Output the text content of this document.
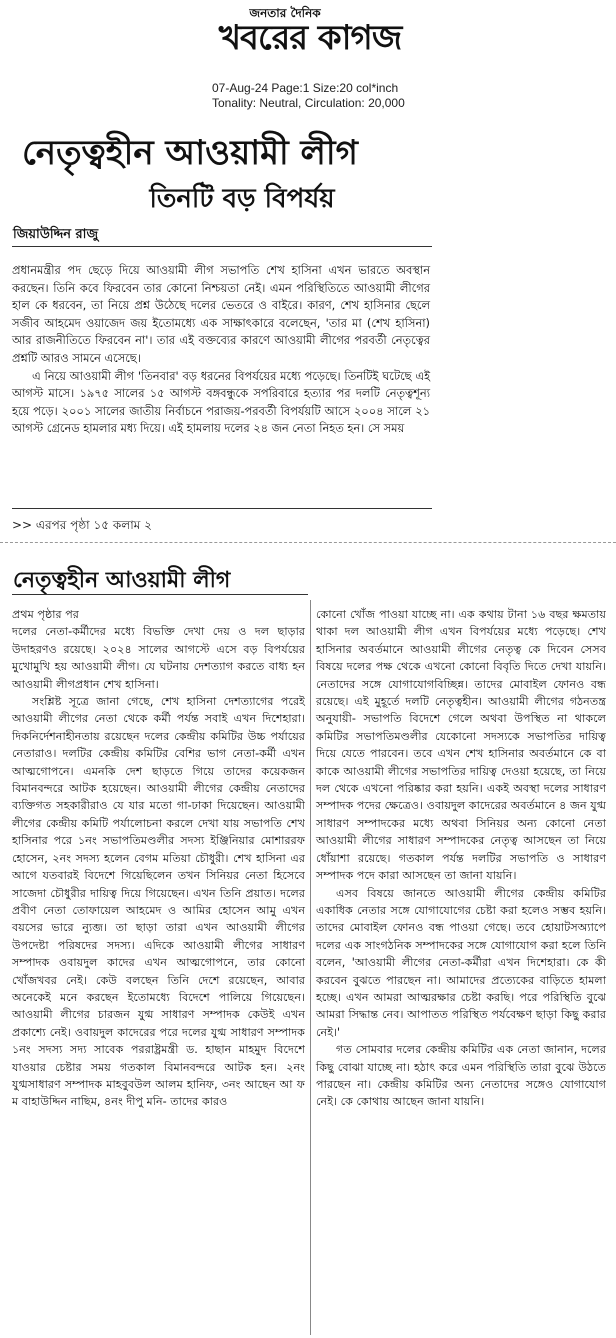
জনতার দৈনিক
খবরের কাগজ
07-Aug-24 Page:1 Size:20 col*inch
Tonality: Neutral, Circulation: 20,000
নেতৃত্বহীন আওয়ামী লীগ
তিনটি বড় বিপর্যয়
জিয়াউদ্দিন রাজু

প্রধানমন্ত্রীর পদ ছেড়ে দিয়ে আওয়ামী লীগ সভাপতি শেখ হাসিনা এখন ভারতে অবস্থান করছেন। তিনি কবে ফিরবেন তার কোনো নিশ্চয়তা নেই। এমন পরিস্থিতিতে আওয়ামী লীগের হাল কে ধরবেন, তা নিয়ে প্রশ্ন উঠেছে দলের ভেতরে ও বাইরে। কারণ, শেখ হাসিনার ছেলে সজীব আহমেদ ওয়াজেদ জয় ইতোমধ্যে এক সাক্ষাৎকারে বলেছেন, 'তার মা (শেখ হাসিনা) আর রাজনীতিতে ফিরবেন না'। তার এই বক্তব্যের কারণে আওয়ামী লীগের পরবর্তী নেতৃত্বের প্রশ্নটি আরও সামনে এসেছে।

এ নিয়ে আওয়ামী লীগ 'তিনবার' বড় ধরনের বিপর্যয়ের মধ্যে পড়েছে। তিনটিই ঘটেছে এই আগস্ট মাসে। ১৯৭৫ সালের ১৫ আগস্ট বঙ্গবন্ধুকে সপরিবারে হত্যার পর দলটি নেতৃত্বশূন্য হয়ে পড়ে। ২০০১ সালের জাতীয় নির্বাচনে পরাজয়-পরবর্তী বিপর্যয়টি আসে ২০০৪ সালে ২১ আগস্ট গ্রেনেড হামলার মধ্য দিয়ে। এই হামলায় দলের ২৪ জন নেতা নিহত হন। সে সময়

>> এরপর পৃষ্ঠা ১৫ কলাম ২
নেতৃত্বহীন আওয়ামী লীগ

প্রথম পৃষ্ঠার পর

দলের নেতা-কর্মীদের মধ্যে বিভক্তি দেখা দেয় ও দল ছাড়ার উদাহরণও রয়েছে। ২০২৪ সালের আগস্টে এসে বড় বিপর্যয়ের মুখোমুখি হয় আওয়ামী লীগ। যে ঘটনায় দেশত্যাগ করতে বাধ্য হন আওয়ামী লীগপ্রধান শেখ হাসিনা।

সংশ্লিষ্ট সূত্রে জানা গেছে, শেখ হাসিনা দেশত্যাগের পরেই আওয়ামী লীগের নেতা থেকে কর্মী পর্যন্ত সবাই এখন দিশেহারা। দিকনির্দেশনাহীনতায় রয়েছেন দলের কেন্দ্রীয় কমিটির উচ্চ পর্যায়ের নেতারাও। দলটির কেন্দ্রীয় কমিটির বেশির ভাগ নেতা-কর্মী এখন আত্মগোপনে। এমনকি দেশ ছাড়তে গিয়ে তাদের কয়েকজন বিমানবন্দরে আটক হয়েছেন। আওয়ামী লীগের কেন্দ্রীয় নেতাদের ব্যক্তিগত সহকারীরাও যে যার মতো গা-ঢাকা দিয়েছেন। আওয়ামী লীগের কেন্দ্রীয় কমিটি পর্যালোচনা করলে দেখা যায় সভাপতি শেখ হাসিনার পরে ১নং সভাপতিমণ্ডলীর সদস্য ইঞ্জিনিয়ার মোশাররফ হোসেন, ২নং সদস্য হলেন বেগম মতিয়া চৌধুরী। শেখ হাসিনা এর আগে যতবারই বিদেশে গিয়েছিলেন তখন সিনিয়র নেতা হিসেবে সাজেদা চৌধুরীর দায়িত্ব দিয়ে গিয়েছেন। এখন তিনি প্রয়াত। দলের প্রবীণ নেতা তোফায়েল আহমেদ ও আমির হোসেন আমু এখন বয়সের ভারে ন্যুব্জ। তা ছাড়া তারা এখন আওয়ামী লীগের উপদেষ্টা পরিষদের সদস্য। এদিকে আওয়ামী লীগের সাধারণ সম্পাদক ওবায়দুল কাদের এখন আত্মগোপনে, তার কোনো খোঁজখবর নেই। কেউ বলছেন তিনি দেশে রয়েছেন, আবার অনেকেই মনে করছেন ইতোমধ্যে বিদেশে পালিয়ে গিয়েছেন। আওয়ামী লীগের চারজন যুগ্ম সাধারণ সম্পাদক কেউই এখন প্রকাশ্যে নেই। ওবায়দুল কাদেরের পরে দলের যুগ্ম সাধারণ সম্পাদক ১নং সদস্য সদ্য সাবেক পররাষ্ট্রমন্ত্রী ড. হাছান মাহমুদ বিদেশে যাওয়ার চেষ্টার সময় গতকাল বিমানবন্দরে আটক হন। ২নং যুগ্মসাধারণ সম্পাদক মাহবুবউল আলম হানিফ, ৩নং আছেন আ ফ ম বাহাউদ্দিন নাছিম, ৪নং দীপু মনি- তাদের কারও

কোনো খোঁজ পাওয়া যাচ্ছে না। এক কথায় টানা ১৬ বছর ক্ষমতায় থাকা দল আওয়ামী লীগ এখন বিপর্যয়ের মধ্যে পড়েছে। শেখ হাসিনার অবর্তমানে আওয়ামী লীগের নেতৃত্ব কে দিবেন সেসব বিষয়ে দলের পক্ষ থেকে এখনো কোনো বিবৃতি দিতে দেখা যায়নি। নেতাদের সঙ্গে যোগাযোগবিচ্ছিন্ন। তাদের মোবাইল ফোনও বন্ধ রয়েছে। এই মুহূর্তে দলটি নেতৃত্বহীন। আওয়ামী লীগের গঠনতন্ত্র অনুযায়ী- সভাপতি বিদেশে গেলে অথবা উপস্থিত না থাকলে কমিটির সভাপতিমণ্ডলীর যেকোনো সদস্যকে সভাপতির দায়িত্ব দিয়ে যেতে পারবেন। তবে এখন শেখ হাসিনার অবর্তমানে কে বা কাকে আওয়ামী লীগের সভাপতির দায়িত্ব দেওয়া হয়েছে, তা নিয়ে দল থেকে এখনো পরিষ্কার করা হয়নি। একই অবস্থা দলের সাধারণ সম্পাদক পদের ক্ষেত্রেও। ওবায়দুল কাদেরের অবর্তমানে ৪ জন যুগ্ম সাধারণ সম্পাদকের মধ্যে অথবা সিনিয়র অন্য কোনো নেতা আওয়ামী লীগের সাধারণ সম্পাদকের নেতৃত্ব আসছেন তা নিয়ে ধোঁয়াশা রয়েছে। গতকাল পর্যন্ত দলটির সভাপতি ও সাধারণ সম্পাদক পদে কারা আসছেন তা জানা যায়নি।

এসব বিষয়ে জানতে আওয়ামী লীগের কেন্দ্রীয় কমিটির একাধিক নেতার সঙ্গে যোগাযোগের চেষ্টা করা হলেও সম্ভব হয়নি। তাদের মোবাইল ফোনও বন্ধ পাওয়া গেছে। তবে হোয়াটসঅ্যাপে দলের এক সাংগঠনিক সম্পাদকের সঙ্গে যোগাযোগ করা হলে তিনি বলেন, 'আওয়ামী লীগের নেতা-কর্মীরা এখন দিশেহারা। কে কী করবেন বুঝতে পারছেন না। আমাদের প্রত্যেকের বাড়িতে হামলা হচ্ছে। এখন আমরা আত্মরক্ষার চেষ্টা করছি। পরে পরিস্থিতি বুঝে আমরা সিদ্ধান্ত নেব। আপাতত পরিস্থিত পর্যবেক্ষণ ছাড়া কিছু করার নেই।'

গত সোমবার দলের কেন্দ্রীয় কমিটির এক নেতা জানান, দলের কিছু বোঝা যাচ্ছে না। হঠাৎ করে এমন পরিস্থিতি তারা বুঝে উঠতে পারছেন না। কেন্দ্রীয় কমিটির অন্য নেতাদের সঙ্গেও যোগাযোগ নেই। কে কোথায় আছেন জানা যায়নি।
